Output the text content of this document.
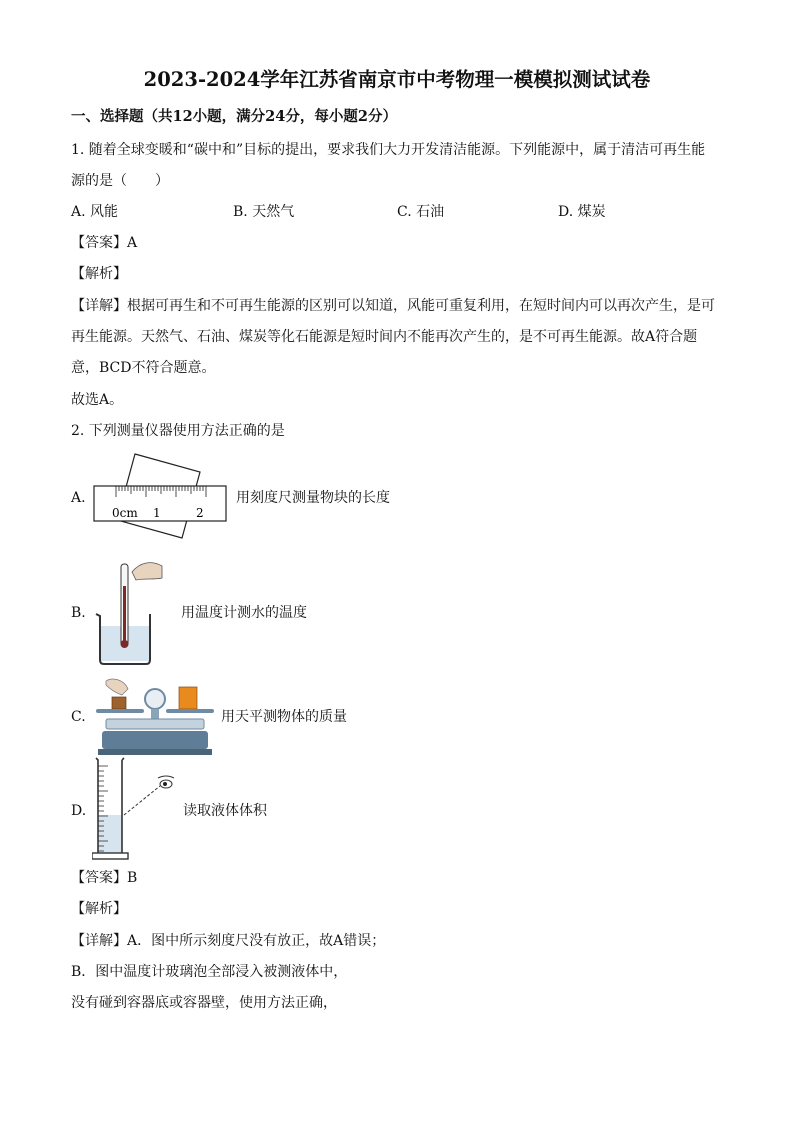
2023-2024学年江苏省南京市中考物理一模模拟测试试卷
一、选择题（共12小题，满分24分，每小题2分）
1. 随着全球变暖和“碳中和”目标的提出，要求我们大力开发清洁能源。下列能源中，属于清洁可再生能
源的是（　　）
A. 风能	B. 天然气	C. 石油	D. 煤炭
【答案】A
【解析】
【详解】根据可再生和不可再生能源的区别可以知道，风能可重复利用，在短时间内可以再次产生，是可
再生能源。天然气、石油、煤炭等化石能源是短时间内不能再次产生的，是不可再生能源。故A符合题
意，BCD不符合题意。
故选A。
2. 下列测量仪器使用方法正确的是
A.
0cm 1	2
用刻度尺测量物块的长度
B.	用温度计测水的温度
C.	用天平测物体的质量
D.	读取液体体积
【答案】B
【解析】
【详解】A．图中所示刻度尺没有放正，故A错误；
B．图中温度计玻璃泡全部浸入被测液体中，
没有碰到容器底或容器壁，使用方法正确，
